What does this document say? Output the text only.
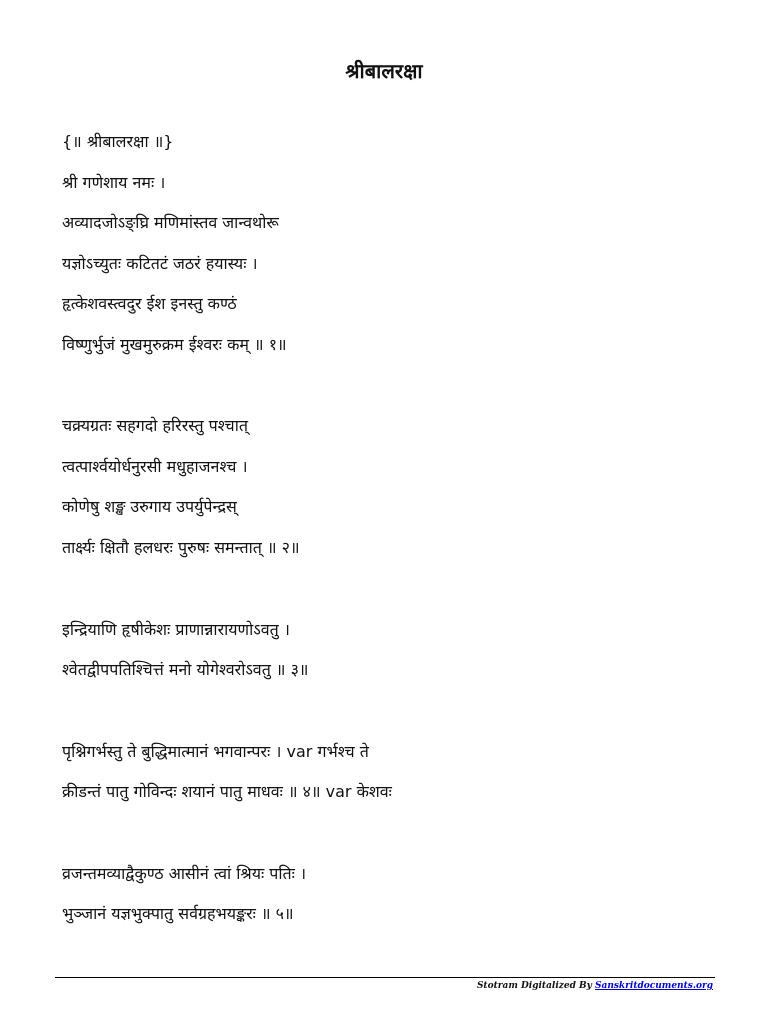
श्रीबालरक्षा
{॥ श्रीबालरक्षा ॥}
श्री गणेशाय नमः ।
अव्यादजोऽङ्घ्रि मणिमांस्तव जान्वथोरू
यज्ञोऽच्युतः कटितटं जठरं हयास्यः ।
हृत्केशवस्त्वदुर ईश इनस्तु कण्ठं
विष्णुर्भुजं मुखमुरुक्रम ईश्वरः कम् ॥ १॥
चक्र्यग्रतः सहगदो हरिरस्तु पश्चात्
त्वत्पार्श्वयोर्धनुरसी मधुहाजनश्च ।
कोणेषु शङ्ख उरुगाय उपर्युपेन्द्रस्
तार्क्ष्यः क्षितौ हलधरः पुरुषः समन्तात् ॥ २॥
इन्द्रियाणि हृषीकेशः प्राणान्नारायणोऽवतु ।
श्वेतद्वीपपतिश्चित्तं मनो योगेश्वरोऽवतु ॥ ३॥
पृश्निगर्भस्तु ते बुद्धिमात्मानं भगवान्परः । var गर्भश्च ते
क्रीडन्तं पातु गोविन्दः शयानं पातु माधवः ॥ ४॥ var केशवः
व्रजन्तमव्याद्वैकुण्ठ आसीनं त्वां श्रियः पतिः ।
भुञ्जानं यज्ञभुक्पातु सर्वग्रहभयङ्करः ॥ ५॥
Stotram Digitalized By Sanskritdocuments.org
